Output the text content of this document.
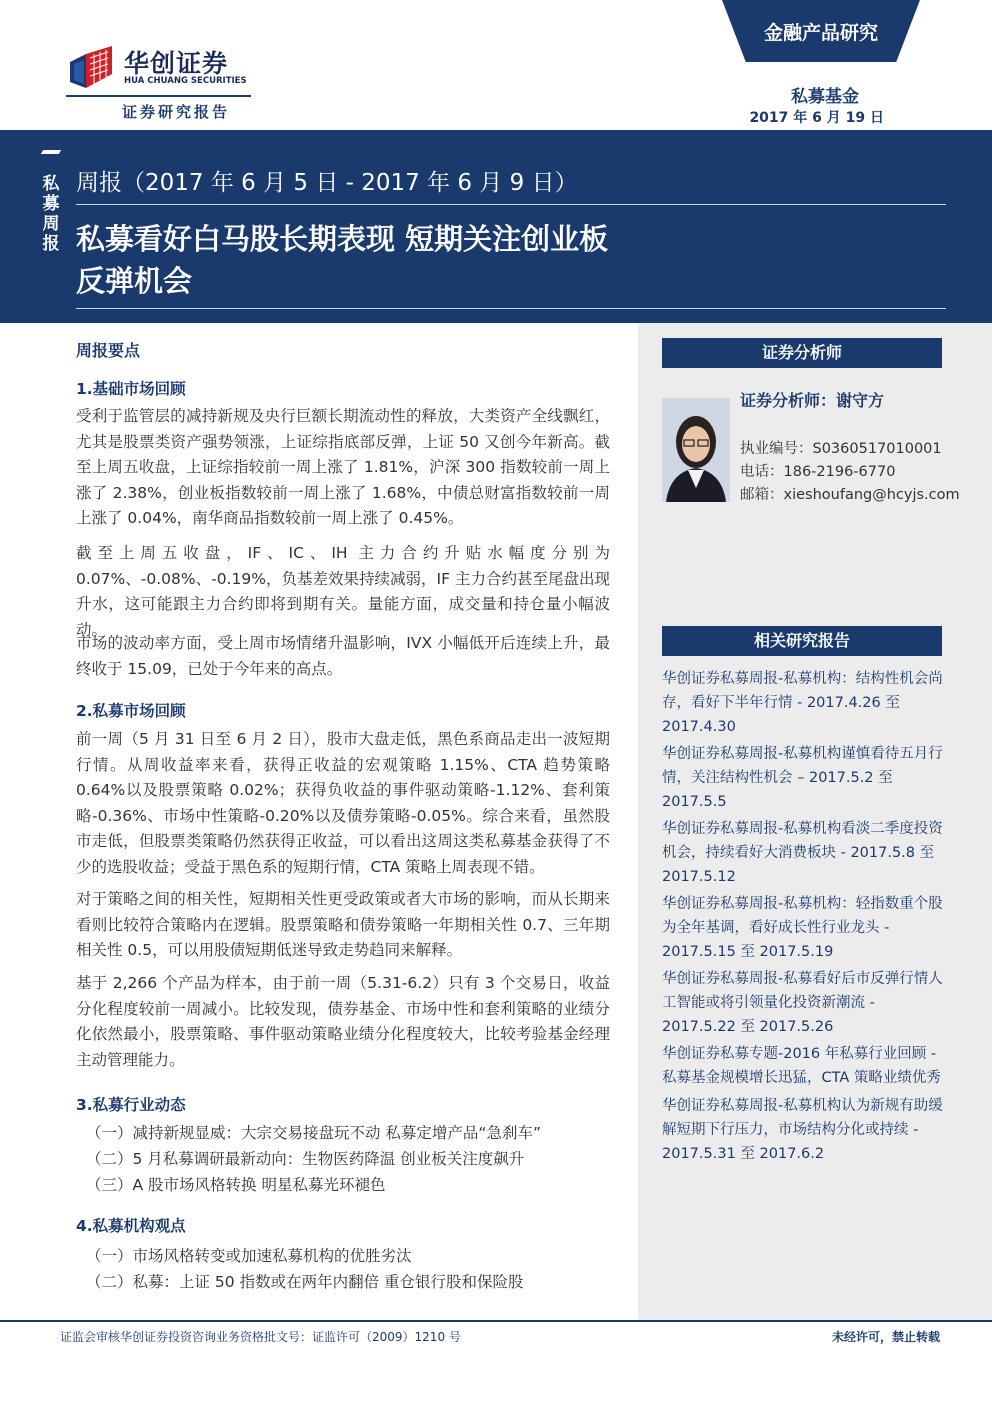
华创证券
HUA CHUANG SECURITIES
证券研究报告
金融产品研究
私募基金
2017 年 6 月 19 日
私募周报
周报（2017 年 6 月 5 日 - 2017 年 6 月 9 日）
私募看好白马股长期表现 短期关注创业板反弹机会
周报要点
1.基础市场回顾
受利于监管层的减持新规及央行巨额长期流动性的释放，大类资产全线飘红，尤其是股票类资产强势领涨，上证综指底部反弹，上证 50 又创今年新高。截至上周五收盘，上证综指较前一周上涨了 1.81%，沪深 300 指数较前一周上涨了 2.38%，创业板指数较前一周上涨了 1.68%，中债总财富指数较前一周上涨了 0.04%，南华商品指数较前一周上涨了 0.45%。
截至上周五收盘，IF、IC、IH 主力合约升贴水幅度分别为 0.07%、-0.08%、-0.19%，负基差效果持续减弱，IF 主力合约甚至尾盘出现升水，这可能跟主力合约即将到期有关。量能方面，成交量和持仓量小幅波动。
市场的波动率方面，受上周市场情绪升温影响，IVX 小幅低开后连续上升，最终收于 15.09，已处于今年来的高点。
2.私募市场回顾
前一周（5 月 31 日至 6 月 2 日），股市大盘走低，黑色系商品走出一波短期行情。从周收益率来看，获得正收益的宏观策略 1.15%、CTA 趋势策略 0.64%以及股票策略 0.02%；获得负收益的事件驱动策略-1.12%、套利策略-0.36%、市场中性策略-0.20%以及债券策略-0.05%。综合来看，虽然股市走低，但股票类策略仍然获得正收益，可以看出这周这类私募基金获得了不少的选股收益；受益于黑色系的短期行情，CTA 策略上周表现不错。
对于策略之间的相关性，短期相关性更受政策或者大市场的影响，而从长期来看则比较符合策略内在逻辑。股票策略和债券策略一年期相关性 0.7、三年期相关性 0.5，可以用股债短期低迷导致走势趋同来解释。
基于 2,266 个产品为样本，由于前一周（5.31-6.2）只有 3 个交易日，收益分化程度较前一周减小。比较发现，债券基金、市场中性和套利策略的业绩分化依然最小，股票策略、事件驱动策略业绩分化程度较大，比较考验基金经理主动管理能力。
3.私募行业动态
（一）减持新规显威：大宗交易接盘玩不动 私募定增产品“急刹车”
（二）5 月私募调研最新动向：生物医药降温 创业板关注度飙升
（三）A 股市场风格转换 明星私募光环褪色
4.私募机构观点
（一）市场风格转变或加速私募机构的优胜劣汰
（二）私募：上证 50 指数或在两年内翻倍 重仓银行股和保险股
证券分析师
证券分析师：谢守方
执业编号：S0360517010001
电话：186-2196-6770
邮箱：xieshoufang@hcyjs.com
相关研究报告
华创证券私募周报-私募机构：结构性机会尚存，看好下半年行情 - 2017.4.26 至 2017.4.30
华创证券私募周报-私募机构谨慎看待五月行情，关注结构性机会 – 2017.5.2 至 2017.5.5
华创证券私募周报-私募机构看淡二季度投资机会，持续看好大消费板块 - 2017.5.8 至 2017.5.12
华创证券私募周报-私募机构：轻指数重个股为全年基调，看好成长性行业龙头 - 2017.5.15 至 2017.5.19
华创证券私募周报-私募看好后市反弹行情人工智能或将引领量化投资新潮流 - 2017.5.22 至 2017.5.26
华创证券私募专题-2016 年私募行业回顾 - 私募基金规模增长迅猛，CTA 策略业绩优秀
华创证券私募周报-私募机构认为新规有助缓解短期下行压力，市场结构分化或持续 - 2017.5.31 至 2017.6.2
证监会审核华创证券投资咨询业务资格批文号：证监许可（2009）1210 号	未经许可，禁止转载
